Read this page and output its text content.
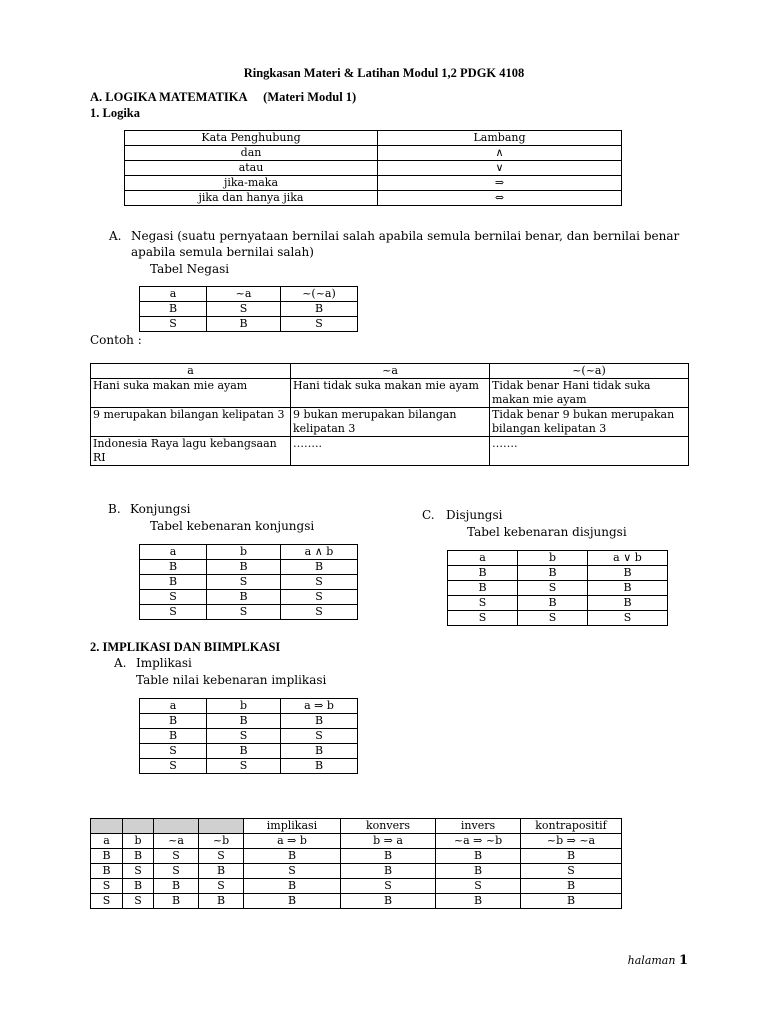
Ringkasan Materi & Latihan Modul 1,2 PDGK 4108
A. LOGIKA MATEMATIKA (Materi Modul 1)
1. Logika
Kata Penghubung	Lambang
dan	∧
atau	∨
jika-maka	⇒
jika dan hanya jika	⇔
A. Negasi (suatu pernyataan bernilai salah apabila semula bernilai benar, dan bernilai benar
apabila semula bernilai salah)
Tabel Negasi
a	~a	~(~a)
B	S	B
S	B	S
Contoh :
a	~a	~(~a)
Hani suka makan mie ayam	Hani tidak suka makan mie ayam	Tidak benar Hani tidak suka makan mie ayam
9 merupakan bilangan kelipatan 3	9 bukan merupakan bilangan kelipatan 3	Tidak benar 9 bukan merupakan bilangan kelipatan 3
Indonesia Raya lagu kebangsaan RI	……..	…….
B. Konjungsi
Tabel kebenaran konjungsi
a	b	a ∧ b
B	B	B
B	S	S
S	B	S
S	S	S
C. Disjungsi
Tabel kebenaran disjungsi
a	b	a ∨ b
B	B	B
B	S	B
S	B	B
S	S	S
2. IMPLIKASI DAN BIIMPLKASI
A. Implikasi
Table nilai kebenaran implikasi
a	b	a ⇒ b
B	B	B
B	S	S
S	B	B
S	S	B
				implikasi	konvers	invers	kontrapositif
a	b	~a	~b	a ⇒ b	b ⇒ a	~a ⇒ ~b	~b ⇒ ~a
B	B	S	S	B	B	B	B
B	S	S	B	S	B	B	S
S	B	B	S	B	S	S	B
S	S	B	B	B	B	B	B
halaman 1
